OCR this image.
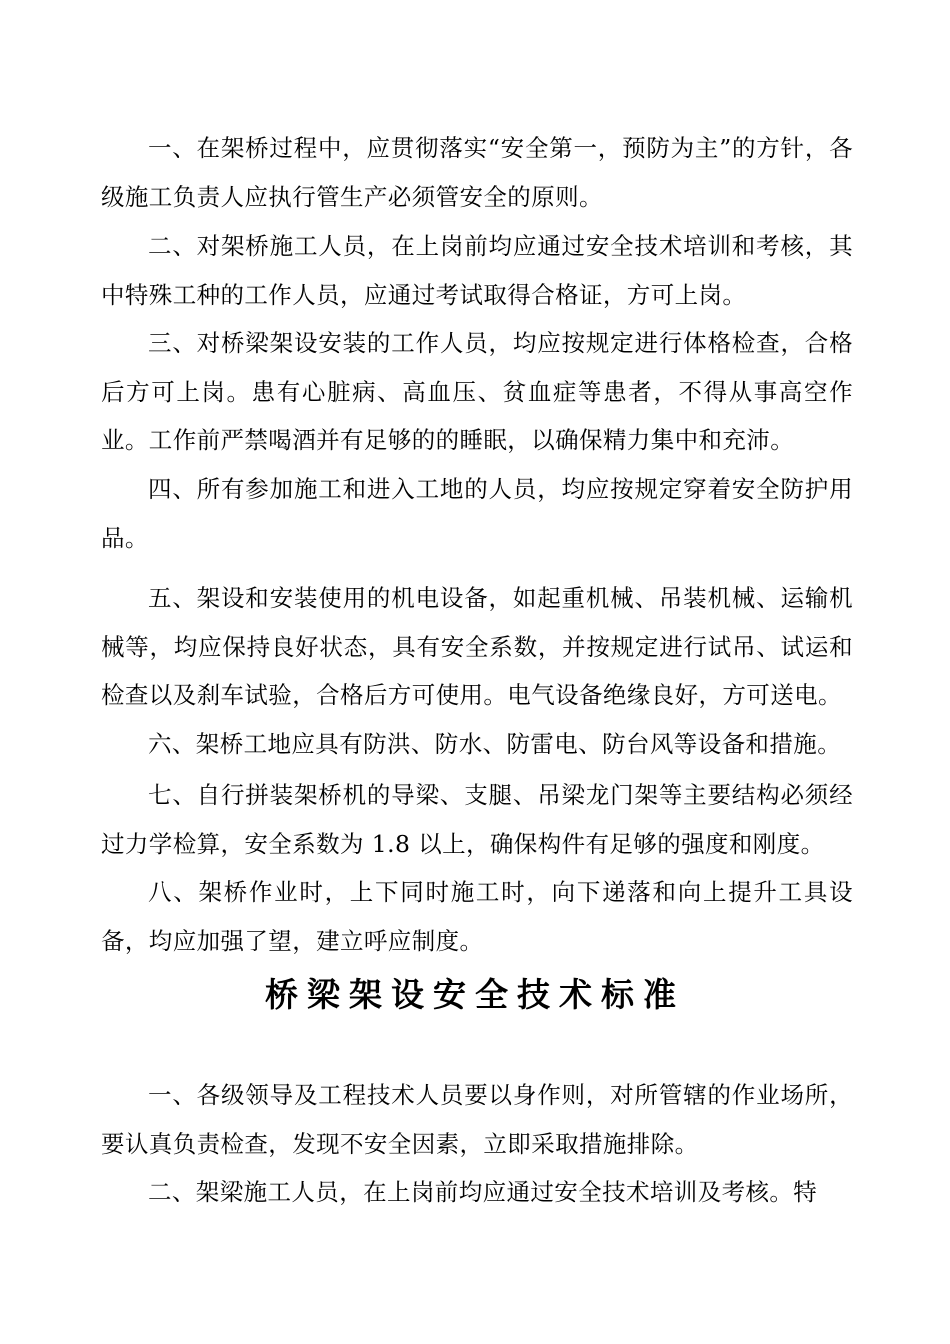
一、在架桥过程中，应贯彻落实“安全第一，预防为主”的方针，各级施工负责人应执行管生产必须管安全的原则。

二、对架桥施工人员，在上岗前均应通过安全技术培训和考核，其中特殊工种的工作人员，应通过考试取得合格证，方可上岗。

三、对桥梁架设安装的工作人员，均应按规定进行体格检查，合格后方可上岗。患有心脏病、高血压、贫血症等患者，不得从事高空作业。工作前严禁喝酒并有足够的的睡眠，以确保精力集中和充沛。

四、所有参加施工和进入工地的人员，均应按规定穿着安全防护用品。

五、架设和安装使用的机电设备，如起重机械、吊装机械、运输机械等，均应保持良好状态，具有安全系数，并按规定进行试吊、试运和检查以及刹车试验，合格后方可使用。电气设备绝缘良好，方可送电。

六、架桥工地应具有防洪、防水、防雷电、防台风等设备和措施。

七、自行拼装架桥机的导梁、支腿、吊梁龙门架等主要结构必须经过力学检算，安全系数为 1.8 以上，确保构件有足够的强度和刚度。

八、架桥作业时，上下同时施工时，向下递落和向上提升工具设备，均应加强了望，建立呼应制度。

桥梁架设安全技术标准

一、各级领导及工程技术人员要以身作则，对所管辖的作业场所，要认真负责检查，发现不安全因素，立即采取措施排除。

二、架梁施工人员，在上岗前均应通过安全技术培训及考核。特
